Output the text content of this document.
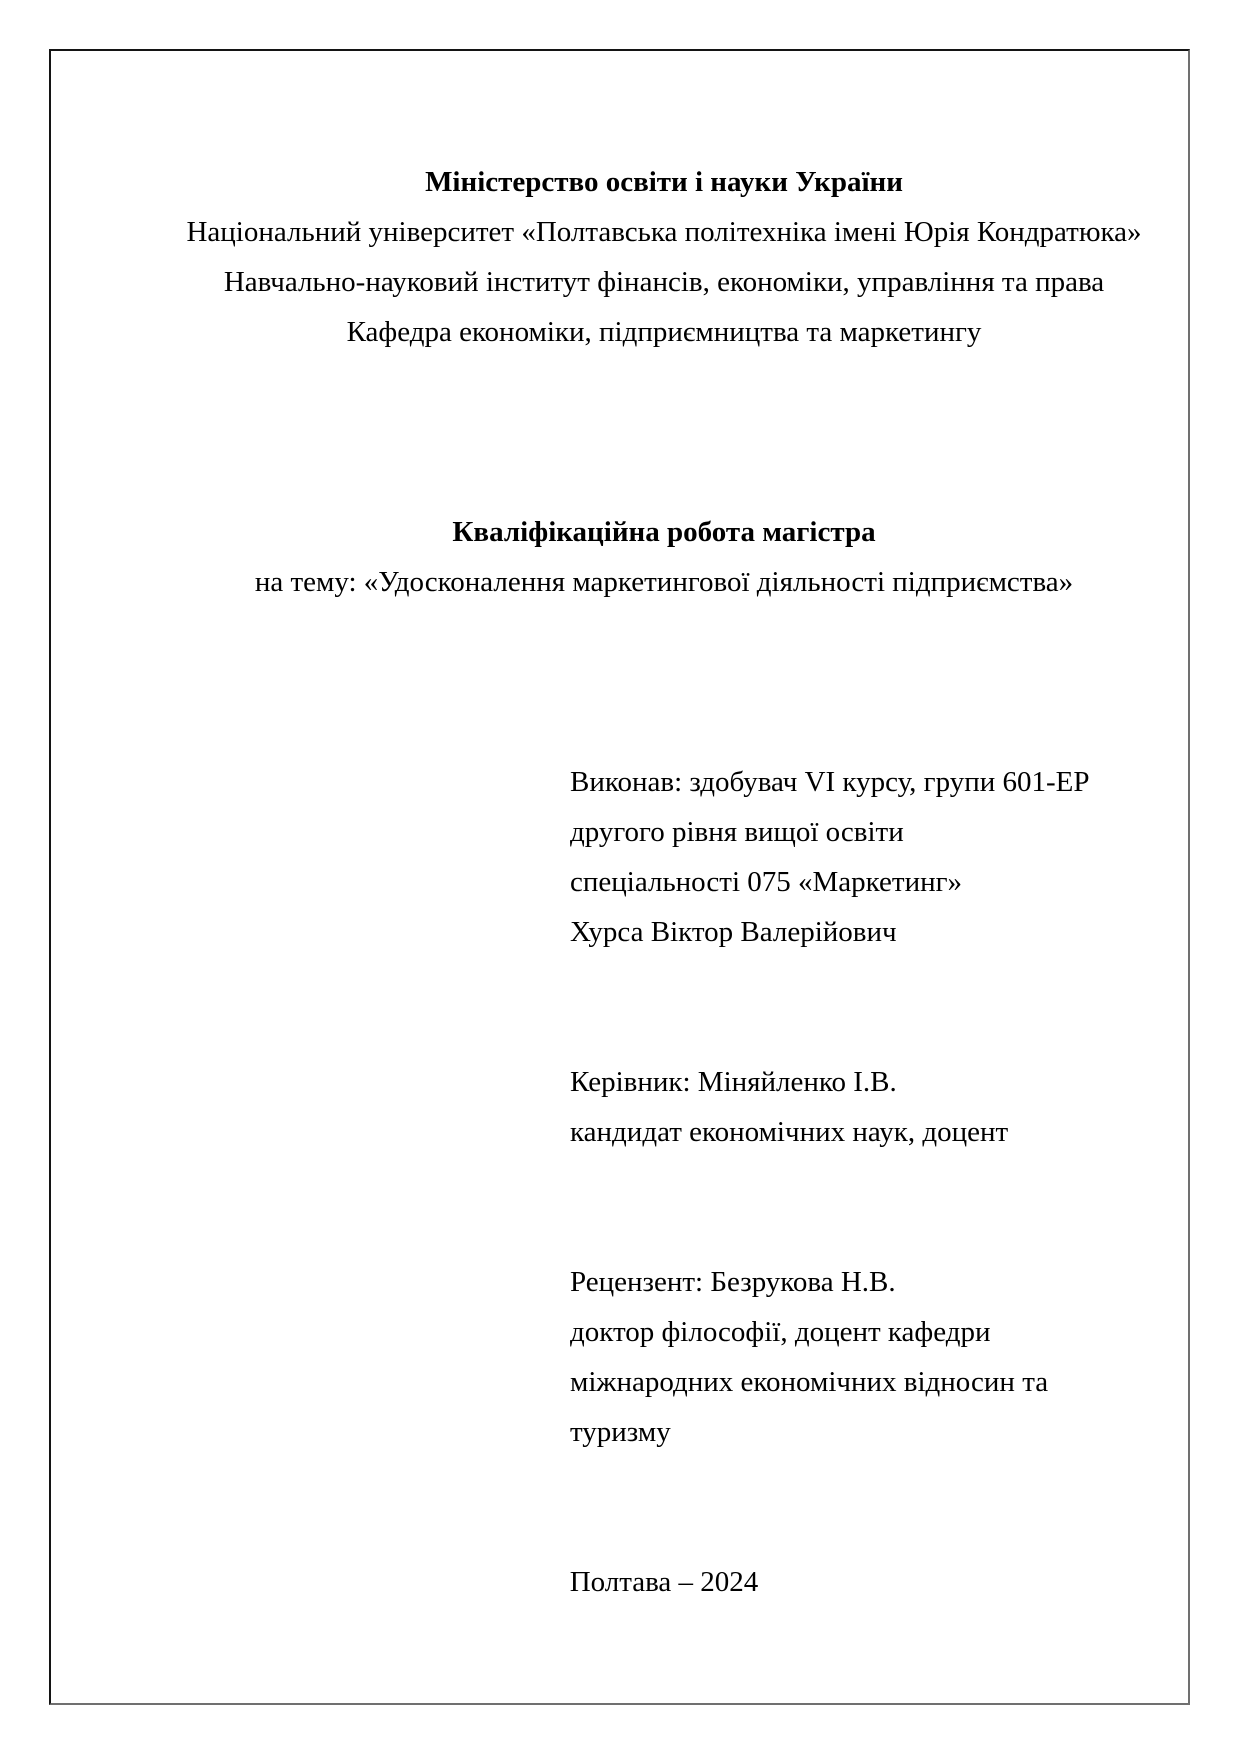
Міністерство освіти і науки України
Національний університет «Полтавська політехніка імені Юрія Кондратюка»
Навчально-науковий інститут фінансів, економіки, управління та права
Кафедра економіки, підприємництва та маркетингу
Кваліфікаційна робота магістра
на тему: «Удосконалення маркетингової діяльності підприємства»
Виконав: здобувач VI курсу, групи 601-ЕР
другого рівня вищої освіти
спеціальності 075 «Маркетинг»
Хурса Віктор Валерійович
Керівник: Міняйленко І.В.
кандидат економічних наук, доцент
Рецензент: Безрукова Н.В.
доктор філософії, доцент кафедри
міжнародних економічних відносин та
туризму
Полтава – 2024
